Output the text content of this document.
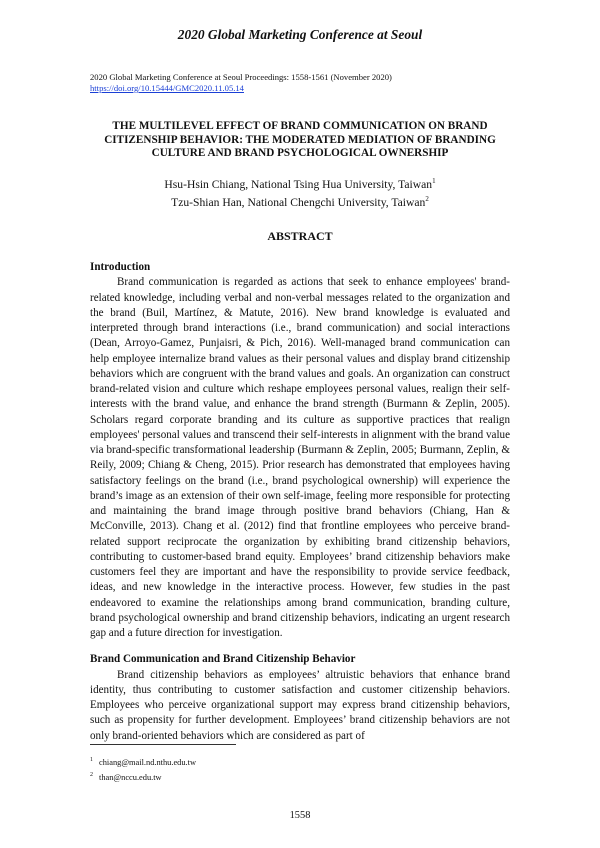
2020 Global Marketing Conference at Seoul
2020 Global Marketing Conference at Seoul Proceedings: 1558-1561 (November 2020)
https://doi.org/10.15444/GMC2020.11.05.14
THE MULTILEVEL EFFECT OF BRAND COMMUNICATION ON BRAND CITIZENSHIP BEHAVIOR: THE MODERATED MEDIATION OF BRANDING CULTURE AND BRAND PSYCHOLOGICAL OWNERSHIP
Hsu-Hsin Chiang, National Tsing Hua University, Taiwan$^1$
Tzu-Shian Han, National Chengchi University, Taiwan$^2$
ABSTRACT
Introduction

Brand communication is regarded as actions that seek to enhance employees' brand-related knowledge, including verbal and non-verbal messages related to the organization and the brand (Buil, Martínez, & Matute, 2016). New brand knowledge is evaluated and interpreted through brand interactions (i.e., brand communication) and social interactions (Dean, Arroyo-Gamez, Punjaisri, & Pich, 2016). Well-managed brand communication can help employee internalize brand values as their personal values and display brand citizenship behaviors which are congruent with the brand values and goals. An organization can construct brand-related vision and culture which reshape employees personal values, realign their self-interests with the brand value, and enhance the brand strength (Burmann & Zeplin, 2005). Scholars regard corporate branding and its culture as supportive practices that realign employees' personal values and transcend their self-interests in alignment with the brand value via brand-specific transformational leadership (Burmann & Zeplin, 2005; Burmann, Zeplin, & Reily, 2009; Chiang & Cheng, 2015). Prior research has demonstrated that employees having satisfactory feelings on the brand (i.e., brand psychological ownership) will experience the brand’s image as an extension of their own self-image, feeling more responsible for protecting and maintaining the brand image through positive brand behaviors (Chiang, Han & McConville, 2013). Chang et al. (2012) find that frontline employees who perceive brand-related support reciprocate the organization by exhibiting brand citizenship behaviors, contributing to customer-based brand equity. Employees’ brand citizenship behaviors make customers feel they are important and have the responsibility to provide service feedback, ideas, and new knowledge in the interactive process. However, few studies in the past endeavored to examine the relationships among brand communication, branding culture, brand psychological ownership and brand citizenship behaviors, indicating an urgent research gap and a future direction for investigation.

Brand Communication and Brand Citizenship Behavior

Brand citizenship behaviors as employees’ altruistic behaviors that enhance brand identity, thus contributing to customer satisfaction and customer citizenship behaviors. Employees who perceive organizational support may express brand citizenship behaviors, such as propensity for further development. Employees’ brand citizenship behaviors are not only brand-oriented behaviors which are considered as part of

$^1$ chiang@mail.nd.nthu.edu.tw
$^2$ than@nccu.edu.tw
1558
